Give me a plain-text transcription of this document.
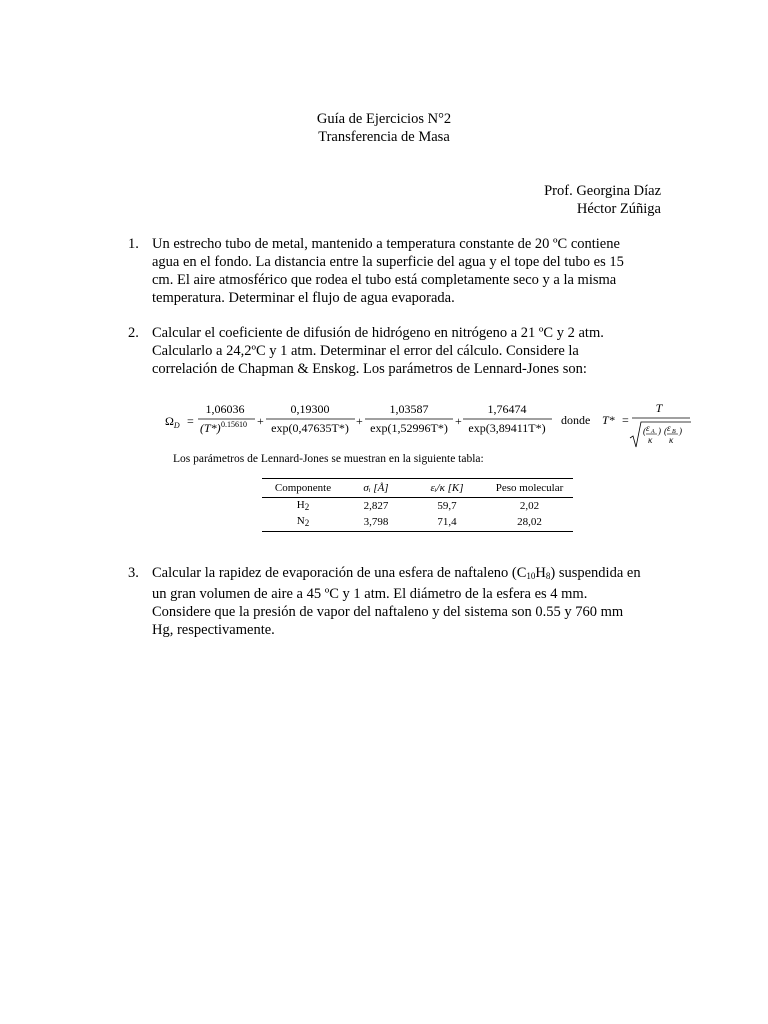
Guía de Ejercicios N°2
Transferencia de Masa
Prof. Georgina Díaz
Héctor Zúñiga
1. Un estrecho tubo de metal, mantenido a temperatura constante de 20 ºC contiene
agua en el fondo. La distancia entre la superficie del agua y el tope del tubo es 15
cm. El aire atmosférico que rodea el tubo está completamente seco y a la misma
temperatura. Determinar el flujo de agua evaporada.
2. Calcular el coeficiente de difusión de hidrógeno en nitrógeno a 21 ºC y 2 atm.
Calcularlo a 24,2ºC y 1 atm. Determinar el error del cálculo. Considere la
correlación de Chapman & Enskog. Los parámetros de Lennard-Jones son:
$\Omega_D$ =
1,06036
(T*) 0.15610 +
0,19300
exp(0,47635T*) +
1,03587
exp(1,52996T*) +
1,76474
exp(3,89411T*)
donde T* =
T
( ε A
κ
) ( ε B
κ
)
Los parámetros de Lennard-Jones se muestran en la siguiente tabla:
Componente	σᵢ [Å]	εᵢ/κ [K]	Peso molecular
$H_2$	2,827	59,7	2,02
$N_2$	3,798	71,4	28,02
3. Calcular la rapidez de evaporación de una esfera de naftaleno $(C_{10}H_8)$ suspendida en
un gran volumen de aire a 45 ºC y 1 atm. El diámetro de la esfera es 4 mm.
Considere que la presión de vapor del naftaleno y del sistema son 0.55 y 760 mm
Hg, respectivamente.
